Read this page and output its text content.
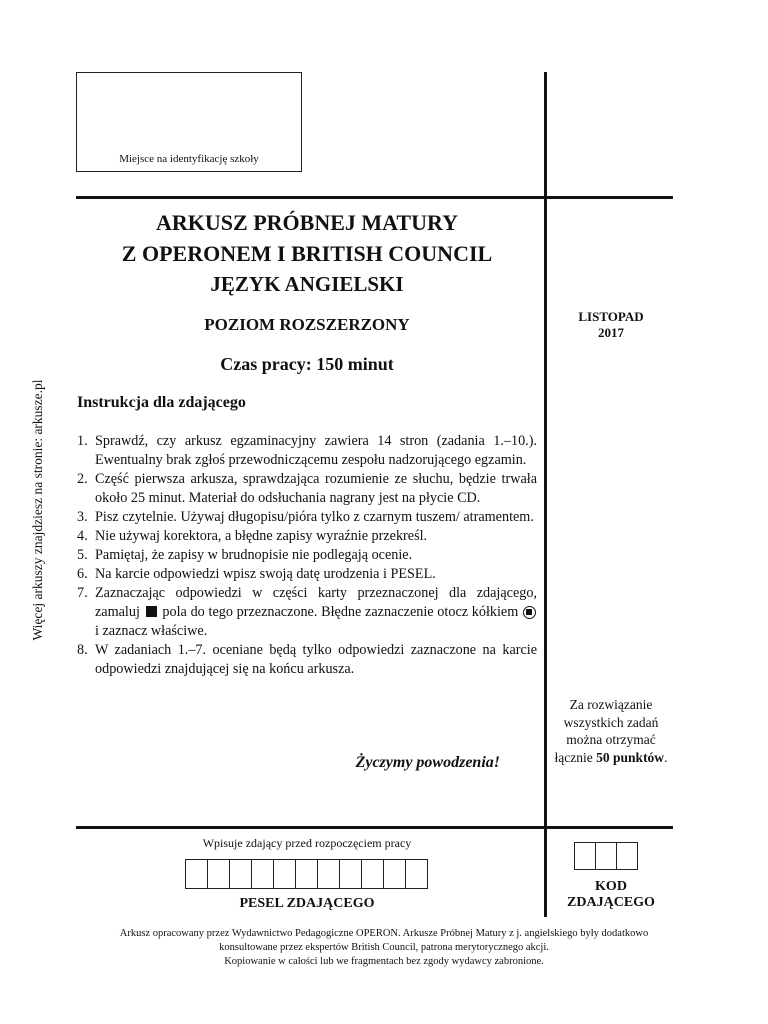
Miejsce na identyfikację szkoły
Więcej arkuszy znajdziesz na stronie: arkusze.pl
ARKUSZ PRÓBNEJ MATURY
Z OPERONEM I BRITISH COUNCIL
JĘZYK ANGIELSKI
POZIOM ROZSZERZONY
Czas pracy: 150 minut
LISTOPAD
2017
Instrukcja dla zdającego
1. Sprawdź, czy arkusz egzaminacyjny zawiera 14 stron (zadania 1.–10.). Ewentualny brak zgłoś przewodniczącemu zespołu nadzorującego egzamin.
2. Część pierwsza arkusza, sprawdzająca rozumienie ze słuchu, będzie trwała około 25 minut. Materiał do odsłuchania nagrany jest na płycie CD.
3. Pisz czytelnie. Używaj długopisu/pióra tylko z czarnym tuszem/ atramentem.
4. Nie używaj korektora, a błędne zapisy wyraźnie przekreśl.
5. Pamiętaj, że zapisy w brudnopisie nie podlegają ocenie.
6. Na karcie odpowiedzi wpisz swoją datę urodzenia i PESEL.
7. Zaznaczając odpowiedzi w części karty przeznaczonej dla zdającego, zamaluj pola do tego przeznaczone. Błędne zaznaczenie otocz kółkiem  i zaznacz właściwe.
8. W zadaniach 1.–7. oceniane będą tylko odpowiedzi zaznaczone na karcie odpowiedzi znajdującej się na końcu arkusza.
Życzymy powodzenia!
Za rozwiązanie
wszystkich zadań
można otrzymać
łącznie 50 punktów.
Wpisuje zdający przed rozpoczęciem pracy
PESEL ZDAJĄCEGO
KOD
ZDAJĄCEGO
Arkusz opracowany przez Wydawnictwo Pedagogiczne OPERON. Arkusze Próbnej Matury z j. angielskiego były dodatkowo
konsultowane przez ekspertów British Council, patrona merytorycznego akcji.
Kopiowanie w całości lub we fragmentach bez zgody wydawcy zabronione.
